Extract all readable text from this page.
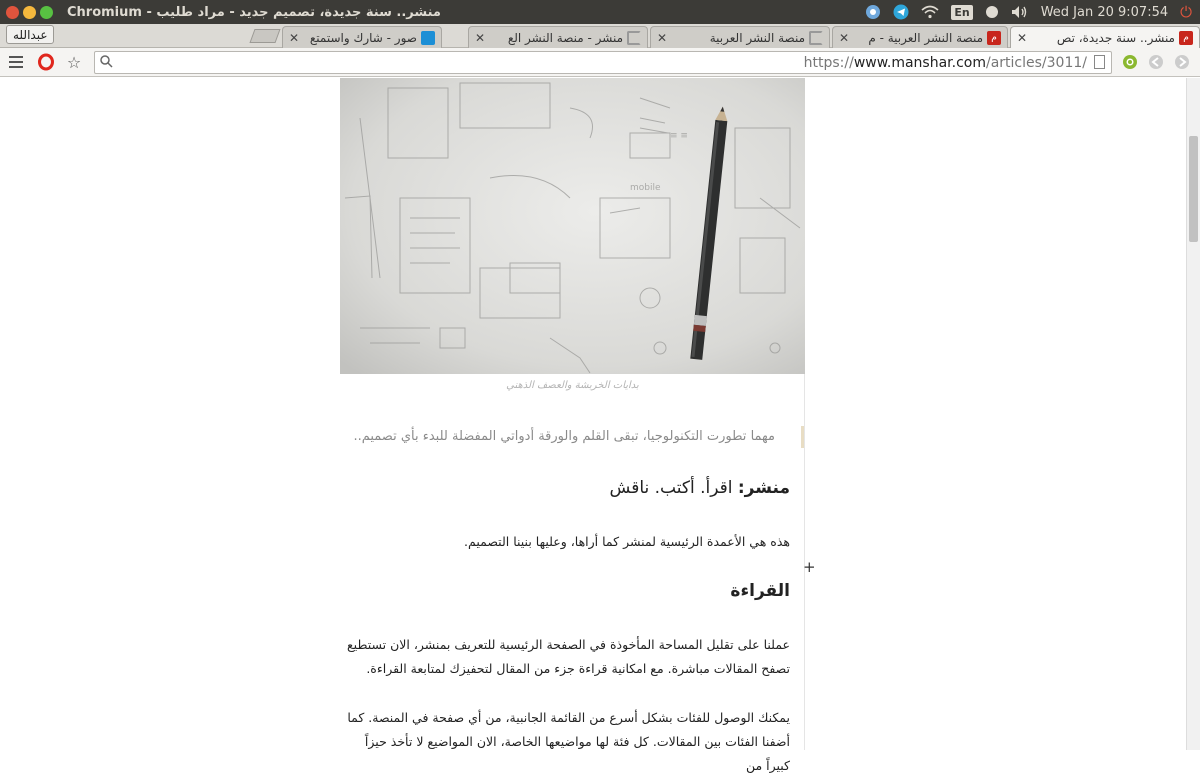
Chromium - منشر.. سنة جديدة، تصميم جديد - مراد طليب	En	Wed Jan 20 9:07:54 ⏻
عبدالله	صور - شارك واستمتع
✕	منشر - منصة النشر الع
✕	منصة النشر العربية
✕	م
منصة النشر العربية - م
✕	م
منشر.. سنة جديدة، تص
✕
☆	https://www.manshar.com/articles/3011/
mobile
≡ ≡
بدايات الخربشة والعصف الذهني
مهما تطورت التكنولوجيا، تبقى القلم والورقة أدواتي المفضلة للبدء بأي تصميم..
منشر: اقرأ. أكتب. ناقش
هذه هي الأعمدة الرئيسية لمنشر كما أراها، وعليها بنينا التصميم.
+
القراءة
عملنا على تقليل المساحة المأخوذة في الصفحة الرئيسية للتعريف بمنشر، الان تستطيع تصفح المقالات مباشرة. مع امكانية قراءة جزء من المقال لتحفيزك لمتابعة القراءة.
يمكنك الوصول للفئات بشكل أسرع من القائمة الجانبية، من أي صفحة في المنصة. كما أضفنا الفئات بين المقالات. كل فئة لها مواضيعها الخاصة، الان المواضيع لا تأخذ حيزاً كبيراً من
